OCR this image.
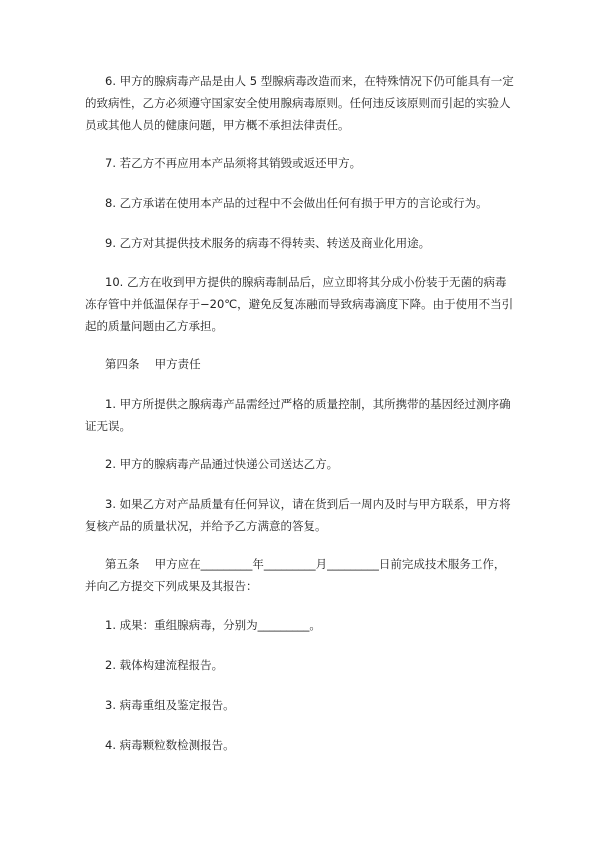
6. 甲方的腺病毒产品是由人 5 型腺病毒改造而来，在特殊情况下仍可能具有一定
的致病性，乙方必须遵守国家安全使用腺病毒原则。任何违反该原则而引起的实验人
员或其他人员的健康问题，甲方概不承担法律责任。
7. 若乙方不再应用本产品须将其销毁或返还甲方。
8. 乙方承诺在使用本产品的过程中不会做出任何有损于甲方的言论或行为。
9. 乙方对其提供技术服务的病毒不得转卖、转送及商业化用途。
10. 乙方在收到甲方提供的腺病毒制品后，应立即将其分成小份装于无菌的病毒
冻存管中并低温保存于−20℃，避免反复冻融而导致病毒滴度下降。由于使用不当引
起的质量问题由乙方承担。
第四条　 甲方责任
1. 甲方所提供之腺病毒产品需经过严格的质量控制，其所携带的基因经过测序确
证无误。
2. 甲方的腺病毒产品通过快递公司送达乙方。
3. 如果乙方对产品质量有任何异议，请在货到后一周内及时与甲方联系，甲方将
复核产品的质量状况，并给予乙方满意的答复。
第五条　 甲方应在_________年_________月_________日前完成技术服务工作，
并向乙方提交下列成果及其报告：
1. 成果：重组腺病毒，分别为_________。
2. 载体构建流程报告。
3. 病毒重组及鉴定报告。
4. 病毒颗粒数检测报告。
